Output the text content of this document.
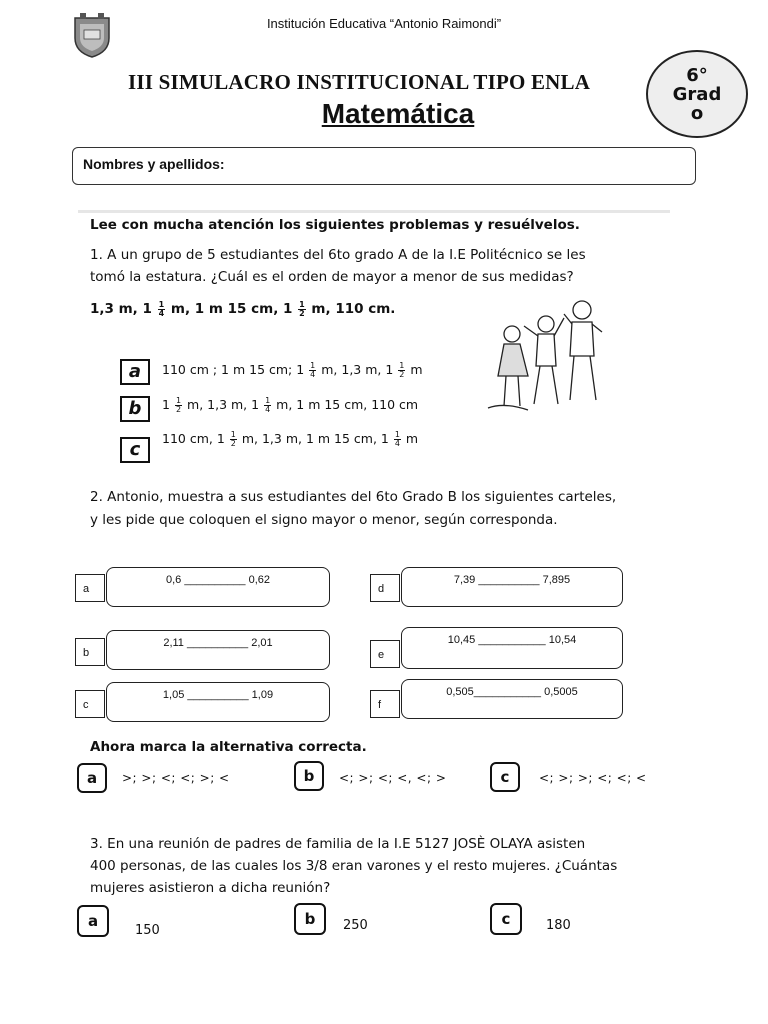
Institución Educativa “Antonio Raimondi”
III SIMULACRO INSTITUCIONAL TIPO ENLA
Matemática
6°
Grad
o
Nombres y apellidos:
Lee con mucha atención los siguientes problemas y resuélvelos.
1. A un grupo de 5 estudiantes del 6to grado A de la I.E Politécnico se les
tomó la estatura. ¿Cuál es el orden de mayor a menor de sus medidas?
1,3 m, $1 \frac{1}{4} m$, 1 m 15 cm, $1 \frac{1}{2} m$, 110 cm.
a	110 cm ; 1 m 15 cm; $1 \frac{1}{4} m$, 1,3 m, $1 \frac{1}{2}$ m
b	$1 \frac{1}{2} m$, 1,3 m, $1 \frac{1}{4} m$, 1 m 15 cm, 110 cm
c
110 cm, $1 \frac{1}{2} m$, 1,3 m, 1 m 15 cm, $1 \frac{1}{4}$ m
2. Antonio, muestra a sus estudiantes del 6to Grado B los siguientes carteles,
y les pide que coloquen el signo mayor o menor, según corresponda.
a
0,6 __________ 0,62
b
2,11 __________ 2,01
c
1,05 __________ 1,09
d
7,39 __________ 7,895
e
10,45 ___________ 10,54
f
0,505___________ 0,5005
Ahora marca la alternativa correcta.
a	>; >; <; <; >; <	b	<; >; <; <, <; >	c	<; >; >; <; <; <
3. En una reunión de padres de familia de la I.E 5127 JOSÈ OLAYA asisten
400 personas, de las cuales los 3/8 eran varones y el resto mujeres. ¿Cuántas
mujeres asistieron a dicha reunión?
a
150
b	250	c	180
